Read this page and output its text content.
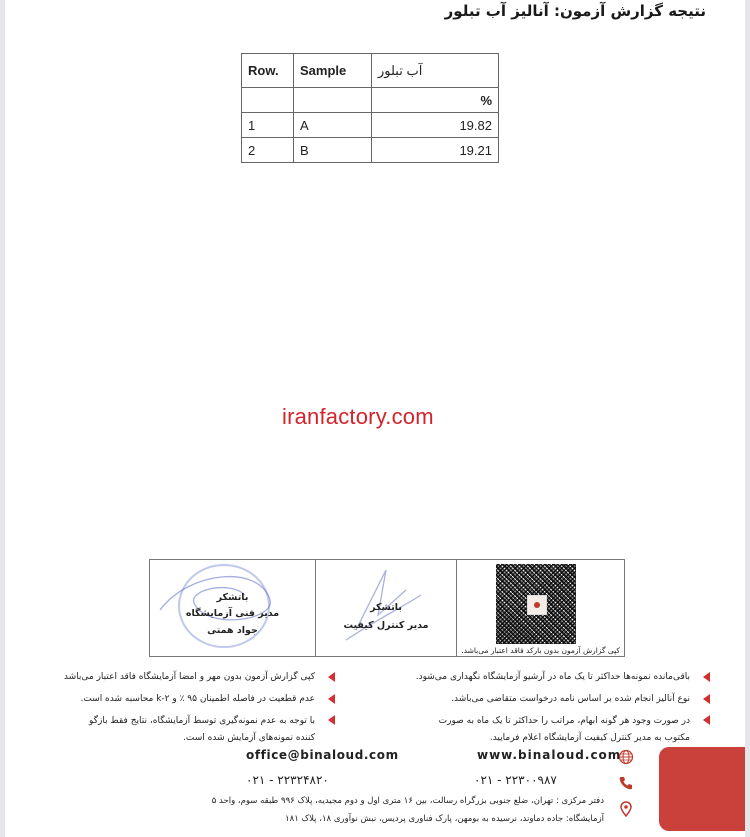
نتیجه گزارش آزمون: آنالیز آب تبلور
Row.	Sample	آب تبلور
		%
1	A	19.82
2	B	19.21
iranfactory.com
باتشکر
مدیر فنی آزمایشگاه
جواد همتی
باتشکر
مدیر کنترل کیفیت
کپی گزارش آزمون بدون بارکد فاقد اعتبار می‌باشد.
باقی‌مانده نمونه‌ها حداکثر تا یک ماه در آرشیو آزمایشگاه نگهداری می‌شود.
نوع آنالیز انجام شده بر اساس نامه درخواست متقاضی می‌باشد.
در صورت وجود هر گونه ابهام، مراتب را حداکثر تا یک ماه به صورت مکتوب به مدیر کنترل کیفیت آزمایشگاه اعلام فرمایید.
کپی گزارش آزمون بدون مهر و امضا آزمایشگاه فاقد اعتبار می‌باشد
عدم قطعیت در فاصله اطمینان ۹۵ ٪ و k-۲ محاسبه شده است.
با توجه به عدم نمونه‌گیری توسط آزمایشگاه، نتایج فقط بازگو کننده نمونه‌های آزمایش شده است.
www.binaloud.com
office@binaloud.com
۰۲۱ - ۲۲۳۰۰۹۸۷
۰۲۱ - ۲۲۳۲۴۸۲۰
دفتر مرکزی : تهران، ضلع جنوبی بزرگراه رسالت، بین ۱۶ متری اول و دوم مجیدیه، پلاک ۹۹۶ طبقه سوم، واحد ۵
آزمایشگاه: جاده دماوند، نرسیده به بومهن، پارک فناوری پردیس، نبش نوآوری ۱۸، پلاک ۱۸۱
